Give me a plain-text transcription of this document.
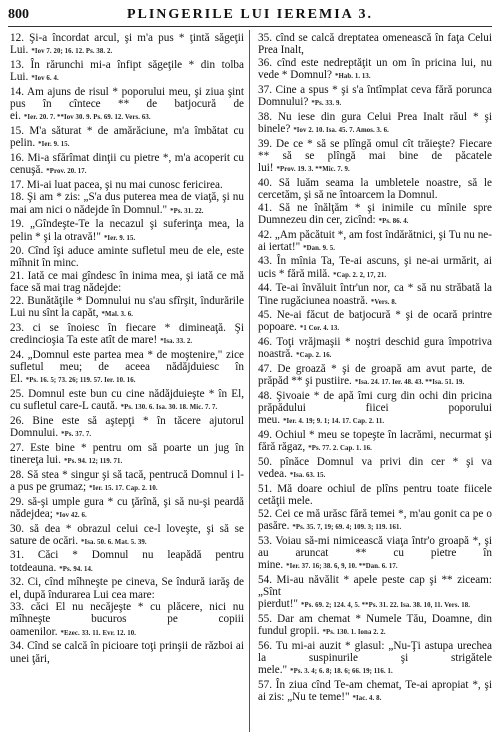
800	PLINGERILE LUI IEREMIA 3.

12. Şi-a încordat arcul, şi m'a pus * ţintă săgeţii Lui. *Iov 7. 20; 16. 12. Ps. 38. 2.

13. În rărunchi mi-a înfipt săgeţile * din tolba Lui. *Iov 6. 4.

14. Am ajuns de risul * poporului meu, şi ziua şint pus în cîntece ** de batjocură de ei. *Ier. 20. 7. **Iov 30. 9. Ps. 69. 12. Vers. 63.

15. M'a săturat * de amărăciune, m'a îmbătat cu pelin. *Ier. 9. 15.

16. Mi-a sfărîmat dinţii cu pietre *, m'a acoperit cu cenuşă. *Prov. 20. 17.

17. Mi-ai luat pacea, şi nu mai cunosc fericirea.

18. Şi am * zis: „S'a dus puterea mea de viaţă, şi nu mai am nici o nădejde în Domnul." *Ps. 31. 22.

19. „Gîndeşte-Te la necazul şi suferinţa mea, la pelin * şi la otravă!" *Ier. 9. 15.

20. Cînd îşi aduce aminte sufletul meu de ele, este mîhnit în minc.

21. Iată ce mai gîndesc în inima mea, şi iată ce mă face să mai trag nădejde:

22. Bunătăţile * Domnului nu s'au sfîrşit, îndurările Lui nu sînt la capăt, *Mal. 3. 6.

23. ci se înoiesc în fiecare * dimineaţă. Şi credincioşia Ta este atît de mare! *Isa. 33. 2.

24. „Domnul este partea mea * de moştenire," zice sufletul meu; de aceea nădăjduiesc în El. *Ps. 16. 5; 73. 26; 119. 57. Ier. 10. 16.

25. Domnul este bun cu cine nădăjduieşte * în El, cu sufletul care-L caută. *Ps. 130. 6. Isa. 30. 18. Mic. 7. 7.

26. Bine este să aştepţi * în tăcere ajutorul Domnului. *Ps. 37. 7.

27. Este bine * pentru om să poarte un jug în tinereţa lui. *Ps. 94. 12; 119. 71.

28. Să stea * singur şi să tacă, pentrucă Domnul i l-a pus pe grumaz; *Ier. 15. 17. Cap. 2. 10.

29. să-şi umple gura * cu ţărînă, şi să nu-şi peardă nădejdea; *Iov 42. 6.

30. să dea * obrazul celui ce-l loveşte, şi să se sature de ocări. *Isa. 50. 6. Mat. 5. 39.

31. Căci * Domnul nu leapădă pentru totdeauna. *Ps. 94. 14.

32. Ci, cînd mîhneşte pe cineva, Se îndură iarăş de el, după îndurarea Lui cea mare:

33. căci El nu necăjeşte * cu plăcere, nici nu mîhneşte bucuros pe copiii oamenilor. *Ezec. 33. 11. Evr. 12. 10.

34. Cînd se calcă în picioare toţi prinşii de război ai unei ţări,

35. cînd se calcă dreptatea omenească în faţa Celui Prea Inalt,

36. cînd este nedreptăţit un om în pricina lui, nu vede * Domnul? *Hab. 1. 13.

37. Cine a spus * şi s'a întîmplat ceva fără porunca Domnului? *Ps. 33. 9.

38. Nu iese din gura Celui Prea Inalt răul * şi binele? *Iov 2. 10. Isa. 45. 7. Amos. 3. 6.

39. De ce * să se plîngă omul cît trăieşte? Fiecare ** să se plîngă mai bine de păcatele lui! *Prov. 19. 3. **Mic. 7. 9.

40. Să luăm seama la umbletele noastre, să le cercetăm, şi să ne întoarcem la Domnul.

41. Să ne înălţăm * şi inimile cu mînile spre Dumnezeu din cer, zicînd: *Ps. 86. 4.

42. „Am păcătuit *, am fost îndărătnici, şi Tu nu ne-ai iertat!" *Dan. 9. 5.

43. În mînia Ta, Te-ai ascuns, şi ne-ai urmărit, ai ucis * fără milă. *Cap. 2. 2, 17, 21.

44. Te-ai învăluit într'un nor, ca * să nu străbată la Tine rugăciunea noastră. *Vers. 8.

45. Ne-ai făcut de batjocură * şi de ocară printre popoare. *1 Cor. 4. 13.

46. Toţi vrăjmaşii * noştri deschid gura împotriva noastră. *Cap. 2. 16.

47. De groază * şi de groapă am avut parte, de prăpăd ** şi pustiire. *Isa. 24. 17. Ier. 48. 43. **Isa. 51. 19.

48. Şivoaie * de apă îmi curg din ochi din pricina prăpădului fiicei poporului meu. *Ier. 4. 19; 9. 1; 14. 17. Cap. 2. 11.

49. Ochiul * meu se topeşte în lacrămi, necurmat şi fără răgaz, *Ps. 77. 2. Cap. 1. 16.

50. pînăce Domnul va privi din cer * şi va vedea. *Isa. 63. 15.

51. Mă doare ochiul de plîns pentru toate fiicele cetăţii mele.

52. Cei ce mă urăsc fără temei *, m'au gonit ca pe o pasăre. *Ps. 35. 7, 19; 69. 4; 109. 3; 119. 161.

53. Voiau să-mi nimicească viaţa într'o groapă *, şi au aruncat ** cu pietre în mine. *Ier. 37. 16; 38. 6, 9, 10. **Dan. 6. 17.

54. Mi-au năvălit * apele peste cap şi ** ziceam: „Sînt pierdut!" *Ps. 69. 2; 124. 4, 5. **Ps. 31. 22. Isa. 38. 10, 11. Vers. 18.

55. Dar am chemat * Numele Tău, Doamne, din fundul gropii. *Ps. 130. 1. Iona 2. 2.

56. Tu mi-ai auzit * glasul: „Nu-Ţi astupa urechea la suspinurile şi strigătele mele." *Ps. 3. 4; 6. 8; 18. 6; 66. 19; 116. 1.

57. În ziua cînd Te-am chemat, Te-ai apropiat *, şi ai zis: „Nu te teme!" *Iac. 4. 8.
